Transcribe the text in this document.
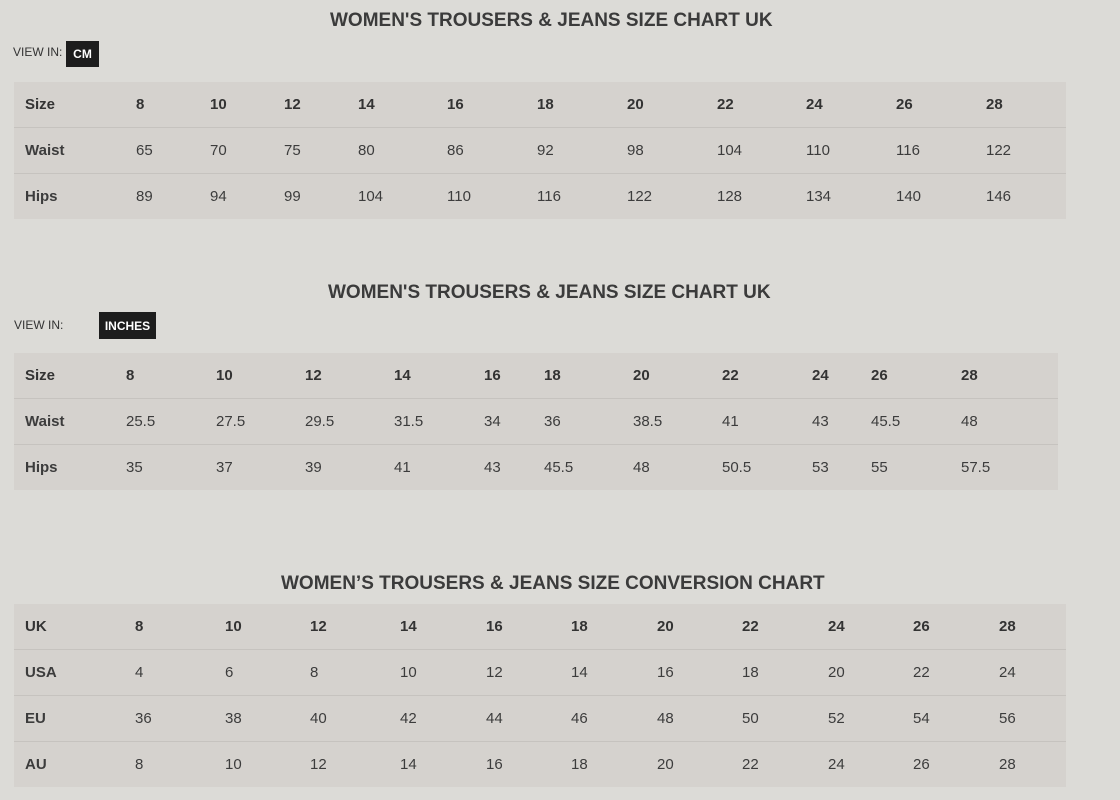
WOMEN'S TROUSERS & JEANS SIZE CHART UK
VIEW IN: CM
Size	8	10	12	14	16	18	20	22	24	26	28
Waist	65	70	75	80	86	92	98	104	110	116	122
Hips	89	94	99	104	110	116	122	128	134	140	146
WOMEN'S TROUSERS & JEANS SIZE CHART UK
VIEW IN:	INCHES
Size	8	10	12	14	16	18	20	22	24	26	28
Waist	25.5	27.5	29.5	31.5	34	36	38.5	41	43	45.5	48
Hips	35	37	39	41	43	45.5	48	50.5	53	55	57.5
WOMEN’S TROUSERS & JEANS SIZE CONVERSION CHART
UK	8	10	12	14	16	18	20	22	24	26	28
USA	4	6	8	10	12	14	16	18	20	22	24
EU	36	38	40	42	44	46	48	50	52	54	56
AU	8	10	12	14	16	18	20	22	24	26	28
